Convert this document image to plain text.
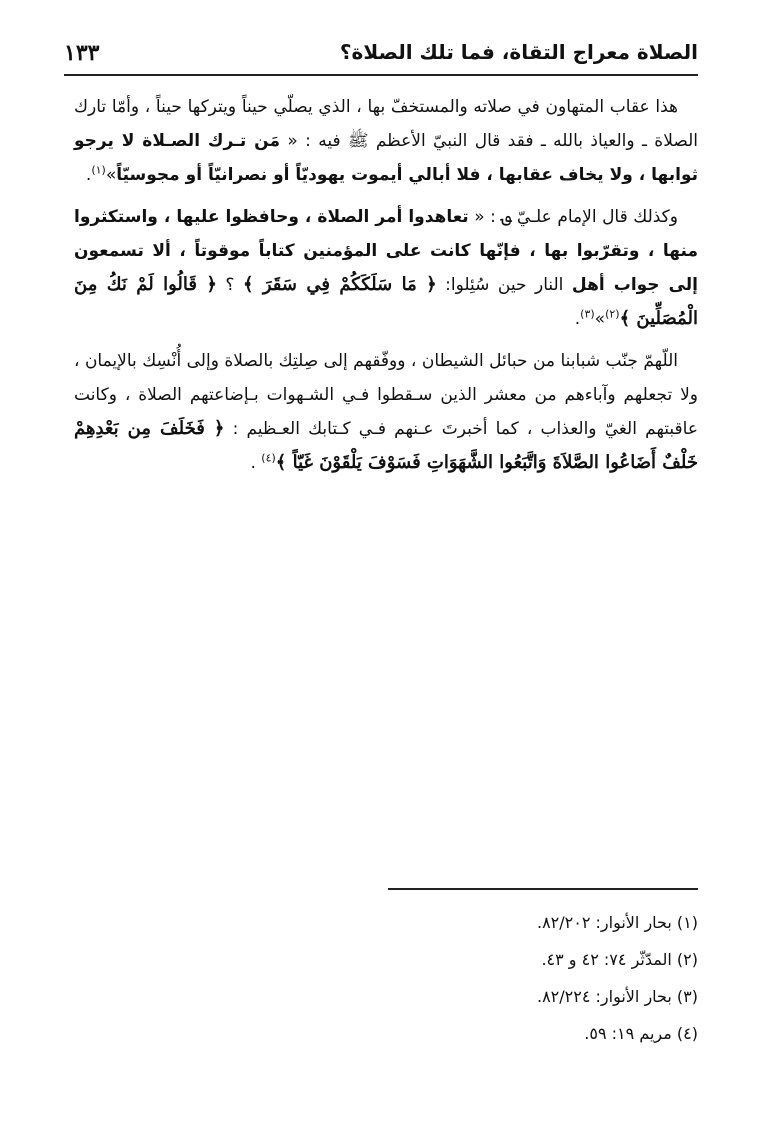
الصلاة معراج التقاة، فما تلك الصلاة؟
١٣٣

هذا عقاب المتهاون في صلاته والمستخفّ بها ، الذي يصلّي حيناً ويتركها حيناً ، وأمّا تارك الصلاة ـ والعياذ بالله ـ فقد قال النبيّ الأعظم ﷺ فيه : « مَن تـرك الصـلاة لا يرجو ثوابها ، ولا يخاف عقابها ، فلا أبالي أيموت يهوديّاً أو نصرانيّاً أو مجوسيّاً»$^{(١)}$.

وكذلك قال الإمام علـيّ ؈ : « تعاهدوا أمر الصلاة ، وحافظوا عليها ، واستكثروا منها ، وتقرّبوا بها ، فإنّها كانت على المؤمنين كتاباً موقوتاً ، ألا تسمعون إلى جواب أهل النار حين سُئِلوا: ﴿ مَا سَلَكَكُمْ فِي سَقَرَ ﴾ ؟ ﴿ قَالُوا لَمْ نَكُ مِنَ الْمُصَلِّينَ ﴾$^{(٢)}$»$^{(٣)}$.

اللّهمّ جنّب شبابنا من حبائل الشيطان ، ووفّقهم إلى صِلتِك بالصلاة وإلى أُنْسِك بالإيمان ، ولا تجعلهم وآباءهم من معشر الذين سـقطوا فـي الشـهوات بـإضاعتهم الصلاة ، وكانت عاقبتهم الغيّ والعذاب ، كما أخبرتَ عـنهم فـي كـتابك العـظيم : ﴿ فَخَلَفَ مِن بَعْدِهِمْ خَلْفٌ أَضَاعُوا الصَّلاَةَ وَاتَّبَعُوا الشَّهَوَاتِ فَسَوْفَ يَلْقَوْنَ غَيّاً ﴾$^{(٤)}$ .

(١) بحار الأنوار: ٨٢/٢٠٢.
(٢) المدّثّر ٧٤: ٤٢ و ٤٣.
(٣) بحار الأنوار: ٨٢/٢٢٤.
(٤) مريم ١٩: ٥٩.
